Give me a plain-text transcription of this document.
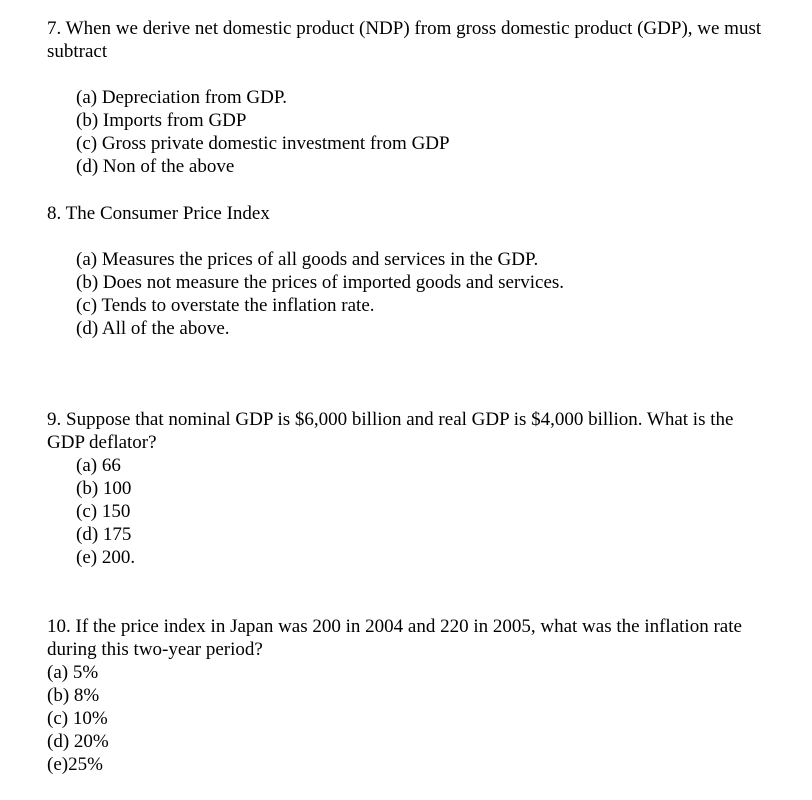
7. When we derive net domestic product (NDP) from gross domestic product (GDP), we must subtract

(a) Depreciation from GDP.
(b) Imports from GDP
(c) Gross private domestic investment from GDP
(d) Non of the above

8. The Consumer Price Index

(a) Measures the prices of all goods and services in the GDP.
(b) Does not measure the prices of imported goods and services.
(c) Tends to overstate the inflation rate.
(d) All of the above.

9. Suppose that nominal GDP is $6,000 billion and real GDP is $4,000 billion. What is the GDP deflator?

(a) 66
(b) 100
(c) 150
(d) 175
(e) 200.

10. If the price index in Japan was 200 in 2004 and 220 in 2005, what was the inflation rate during this two-year period?

(a) 5%
(b) 8%
(c) 10%
(d) 20%
(e)25%
